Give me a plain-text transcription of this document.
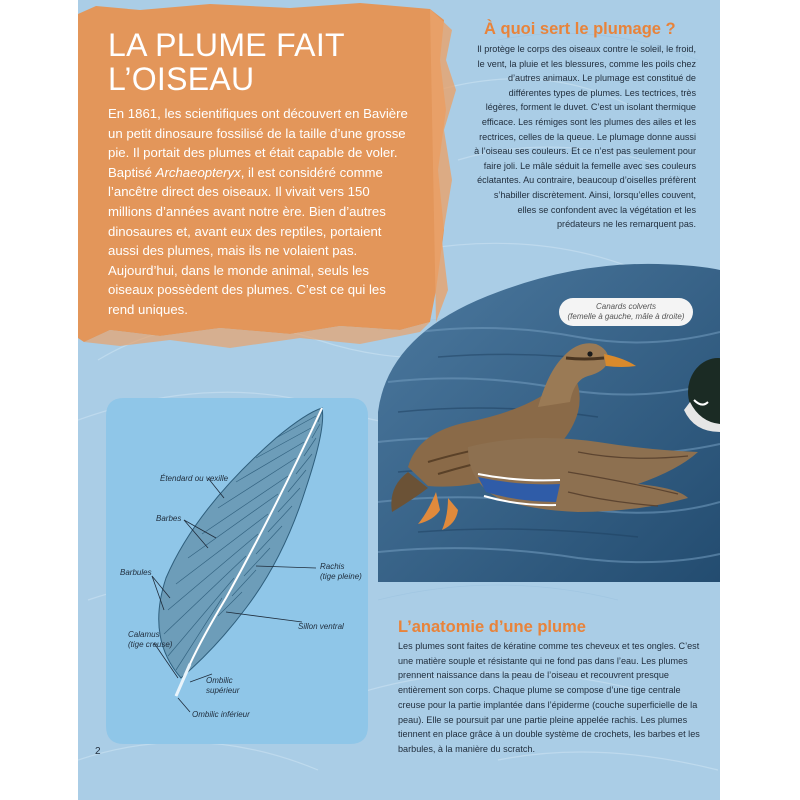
LA PLUME FAIT
L’OISEAU

En 1861, les scientifiques ont découvert en Bavière un petit dinosaure fossilisé de la taille d’une grosse pie. Il portait des plumes et était capable de voler. Baptisé Archaeopteryx, il est considéré comme l’ancêtre direct des oiseaux. Il vivait vers 150 millions d’années avant notre ère. Bien d’autres dinosaures et, avant eux des reptiles, portaient aussi des plumes, mais ils ne volaient pas. Aujourd’hui, dans le monde animal, seuls les oiseaux possèdent des plumes. C’est ce qui les rend uniques.

À quoi sert le plumage ?

Il protège le corps des oiseaux contre le soleil, le froid, le vent, la pluie et les blessures, comme les poils chez d’autres animaux. Le plumage est constitué de différentes types de plumes. Les tectrices, très légères, forment le duvet. C’est un isolant thermique efficace. Les rémiges sont les plumes des ailes et les rectrices, celles de la queue. Le plumage donne aussi à l’oiseau ses couleurs. Et ce n’est pas seulement pour faire joli. Le mâle séduit la femelle avec ses couleurs éclatantes. Au contraire, beaucoup d’oiselles préfèrent s’habiller discrètement. Ainsi, lorsqu’elles couvent, elles se confondent avec la végétation et les prédateurs ne les remarquent pas.

Canards colverts
(femelle à gauche, mâle à droite)

Étendard ou vexille

Barbes

Barbules

Rachis
(tige pleine)

Sillon ventral

Calamus
(tige creuse)

Ombilic
supérieur

Ombilic inférieur

L’anatomie d’une plume

Les plumes sont faites de kératine comme tes cheveux et tes ongles. C’est une matière souple et résistante qui ne fond pas dans l’eau. Les plumes prennent naissance dans la peau de l’oiseau et recouvrent presque entièrement son corps. Chaque plume se compose d’une tige centrale creuse pour la partie implantée dans l’épiderme (couche superficielle de la peau). Elle se poursuit par une partie pleine appelée rachis. Les plumes tiennent en place grâce à un double système de crochets, les barbes et les barbules, à la manière du scratch.

2
